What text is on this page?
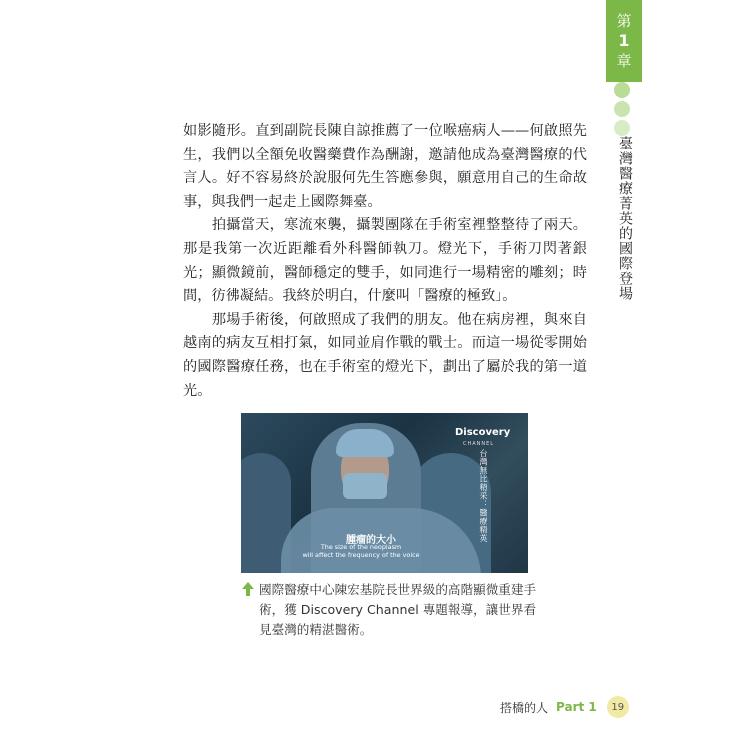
第
1
章
臺灣醫療菁英的國際登場

如影隨形。直到副院長陳自諒推薦了一位喉癌病人——何啟照先生，我們以全額免收醫藥費作為酬謝，邀請他成為臺灣醫療的代言人。好不容易終於說服何先生答應參與，願意用自己的生命故事，與我們一起走上國際舞臺。

　　拍攝當天，寒流來襲，攝製團隊在手術室裡整整待了兩天。那是我第一次近距離看外科醫師執刀。燈光下，手術刀閃著銀光；顯微鏡前，醫師穩定的雙手，如同進行一場精密的雕刻；時間，彷彿凝結。我終於明白，什麼叫「醫療的極致」。

　　那場手術後，何啟照成了我們的朋友。他在病房裡，與來自越南的病友互相打氣，如同並肩作戰的戰士。而這一場從零開始的國際醫療任務，也在手術室的燈光下，劃出了屬於我的第一道光。

Discovery
CHANNEL
台灣無比精采：醫療精英
腫瘤的大小
The size of the neoplasm
will affect the frequency of the voice
國際醫療中心陳宏基院長世界級的高階顯微重建手術，獲 Discovery Channel 專題報導，讓世界看見臺灣的精湛醫術。
搭橋的人 Part 1	19
